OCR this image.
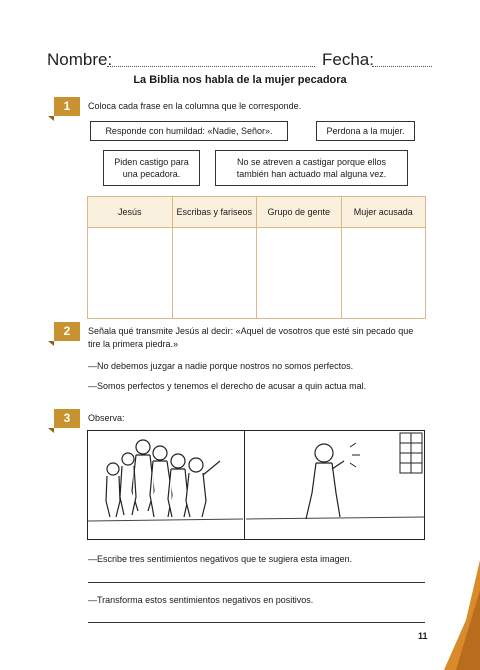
Nombre:	Fecha:
La Biblia nos habla de la mujer pecadora
1	Coloca cada frase en la columna que le corresponde.
Responde con humildad: «Nadie, Señor».	Perdona a la mujer.
Piden castigo para una pecadora.
No se atreven a castigar porque ellos también han actuado mal alguna vez.
Jesús	Escribas y fariseos	Grupo de gente	Mujer acusada

2	Señala qué transmite Jesús al decir: «Aquel de vosotros que esté sin pecado que tire la primera piedra.»
—No debemos juzgar a nadie porque nostros no somos perfectos.
—Somos perfectos y tenemos el derecho de acusar a quin actua mal.
3	Observa:
—Escribe tres sentimientos negativos que te sugiera esta imagen.
—Transforma estos sentimientos negativos en positivos.
11
